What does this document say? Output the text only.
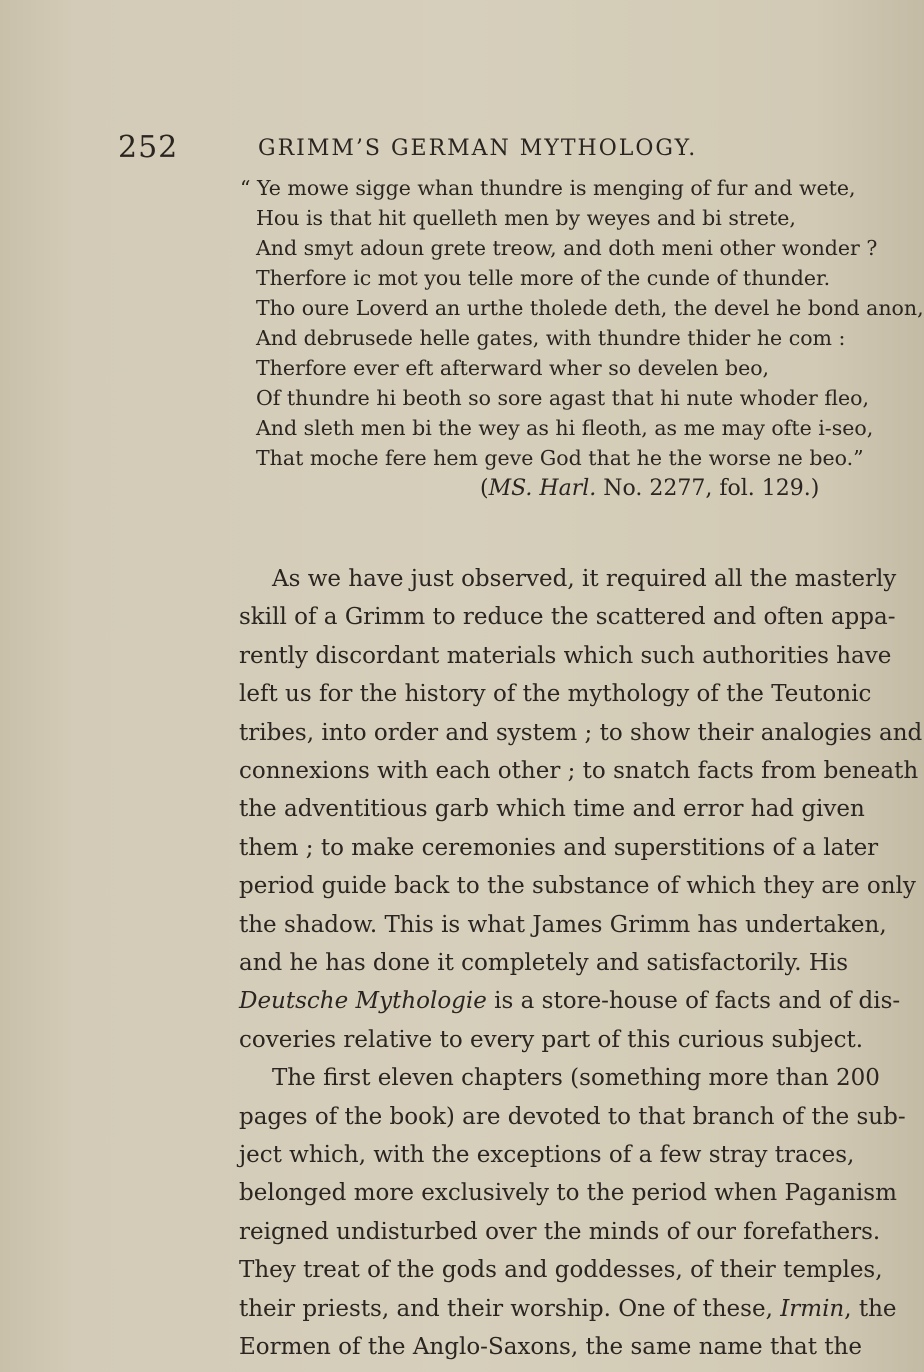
252	GRIMM’S GERMAN MYTHOLOGY.
“ Ye mowe sigge whan thundre is menging of fur and wete,
Hou is that hit quelleth men by weyes and bi strete,
And smyt adoun grete treow, and doth meni other wonder ?
Therfore ic mot you telle more of the cunde of thunder.
Tho oure Loverd an urthe tholede deth, the devel he bond anon,
And debrusede helle gates, with thundre thider he com :
Therfore ever eft afterward wher so develen beo,
Of thundre hi beoth so sore agast that hi nute whoder fleo,
And sleth men bi the wey as hi fleoth, as me may ofte i-seo,
That moche fere hem geve God that he the worse ne beo.”
(MS. Harl. No. 2277, fol. 129.)
As we have just observed, it required all the masterly
skill of a Grimm to reduce the scattered and often appa-
rently discordant materials which such authorities have
left us for the history of the mythology of the Teutonic
tribes, into order and system ; to show their analogies and
connexions with each other ; to snatch facts from beneath
the adventitious garb which time and error had given
them ; to make ceremonies and superstitions of a later
period guide back to the substance of which they are only
the shadow. This is what James Grimm has undertaken,
and he has done it completely and satisfactorily. His
Deutsche Mythologie is a store-house of facts and of dis-
coveries relative to every part of this curious subject.
The first eleven chapters (something more than 200
pages of the book) are devoted to that branch of the sub-
ject which, with the exceptions of a few stray traces,
belonged more exclusively to the period when Paganism
reigned undisturbed over the minds of our forefathers.
They treat of the gods and goddesses, of their temples,
their priests, and their worship. One of these, Irmin, the
Eormen of the Anglo-Saxons, the same name that the
